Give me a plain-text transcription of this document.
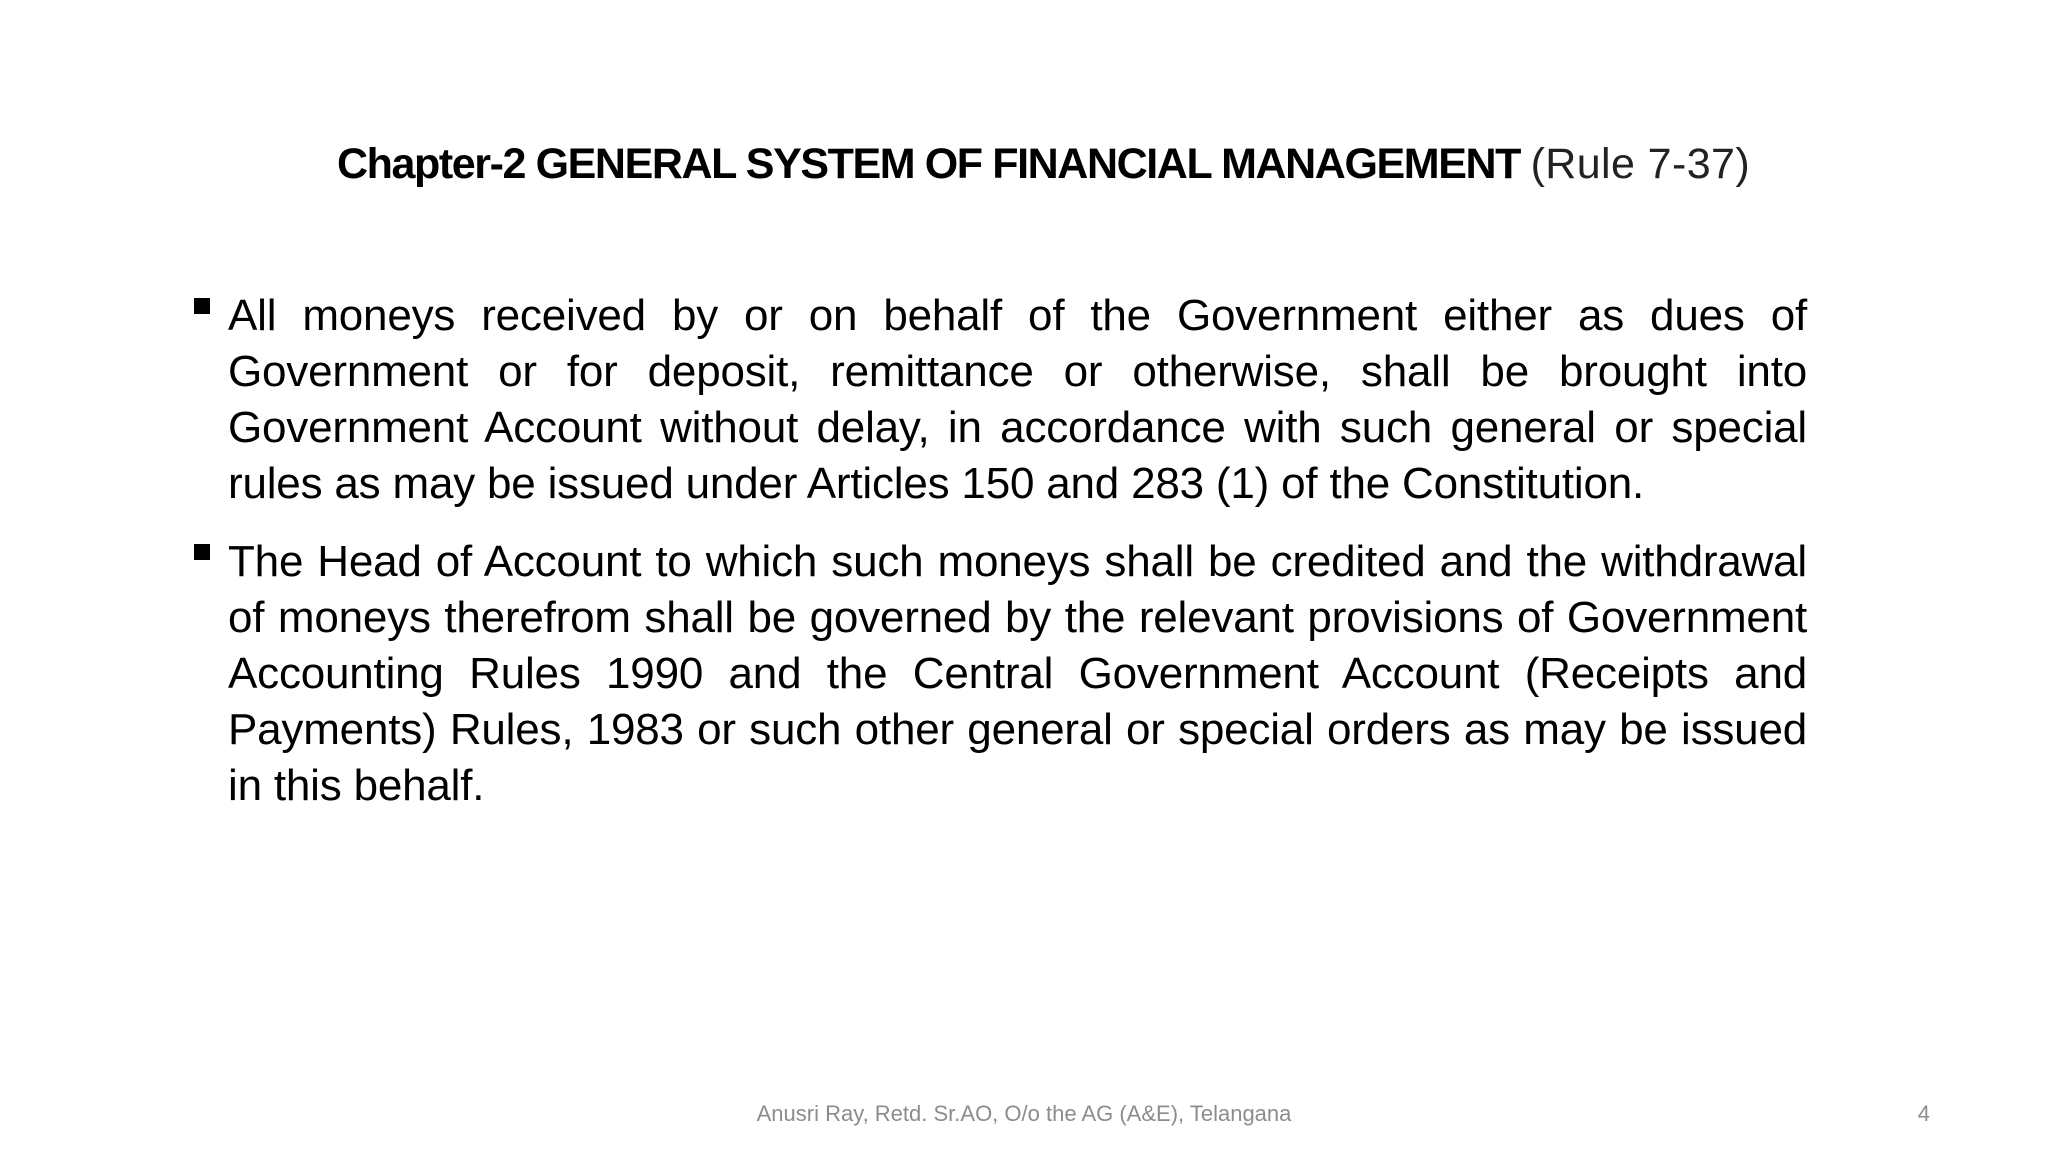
Chapter-2 GENERAL SYSTEM OF FINANCIAL MANAGEMENT (Rule 7-37)
All moneys received by or on behalf of the Government either as dues of Government or for deposit, remittance or otherwise, shall be brought into Government Account without delay, in accordance with such general or special rules as may be issued under Articles 150 and 283 (1) of the Constitution.
The Head of Account to which such moneys shall be credited and the withdrawal of moneys therefrom shall be governed by the relevant provisions of Government Accounting Rules 1990 and the Central Government Account (Receipts and Payments) Rules, 1983 or such other general or special orders as may be issued in this behalf.
Anusri Ray, Retd. Sr.AO, O/o the AG (A&E), Telangana	4
